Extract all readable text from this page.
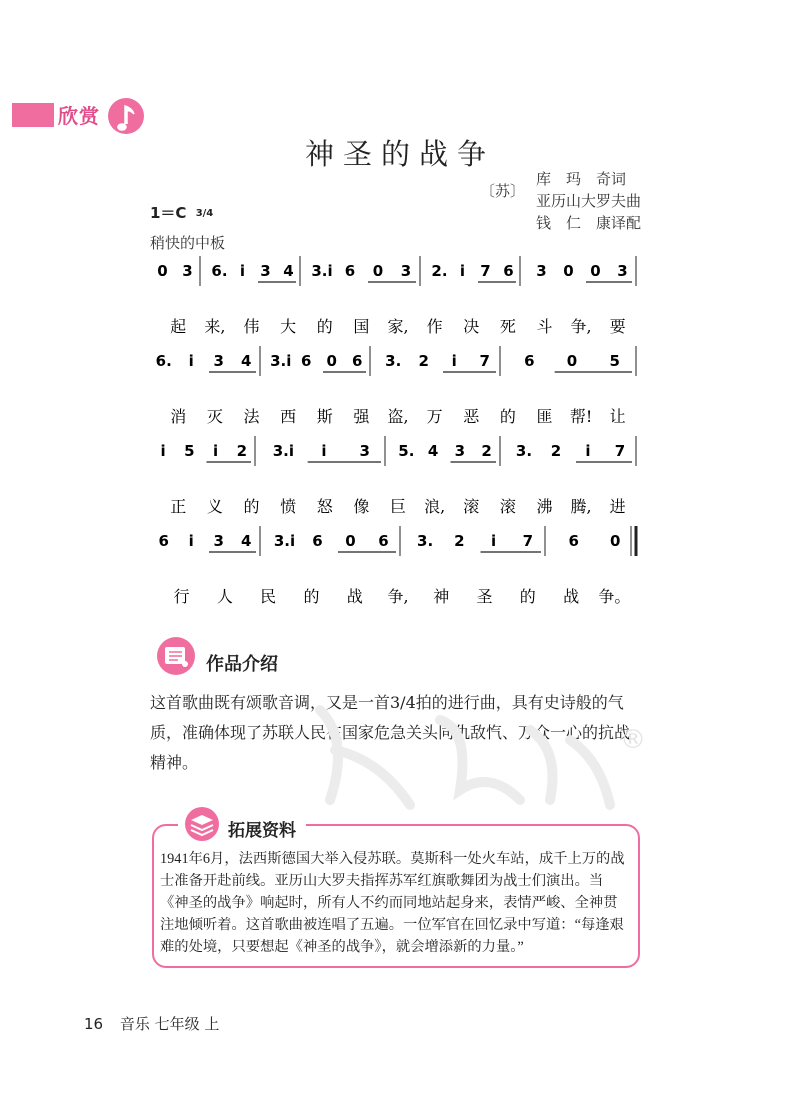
欣赏
神圣的战争
〔苏〕
库　玛　奇词
亚历山大罗夫曲
钱　仁　康译配
1＝C 3/4
稍快的中板
0 3 6. i 3 4 3.i 6 0 3 2. i 7 6 3 0 0 3
起 来, 伟 大 的 国 家, 作 决 死 斗 争, 要
6. i 3 4 3.i 6 0 6 3. 2 i 7 6 0 5
消 灭 法 西 斯 强 盗, 万 恶 的 匪 帮! 让
i 5 i 2 3.i i 3 5. 4 3 2 3. 2 i 7
正 义 的 愤 怒 像 巨 浪, 滚 滚 沸 腾, 进
6 i 3 4 3.i 6 0 6 3. 2 i 7 6 0
行 人 民 的 战 争, 神 圣 的 战 争。
作品介绍
这首歌曲既有颂歌音调，又是一首3/4拍的进行曲，具有史诗般的气质，准确体现了苏联人民在国家危急关头同仇敌忾、万众一心的抗战精神。
®
拓展资料
1941年6月，法西斯德国大举入侵苏联。莫斯科一处火车站，成千上万的战士准备开赴前线。亚历山大罗夫指挥苏军红旗歌舞团为战士们演出。当《神圣的战争》响起时，所有人不约而同地站起身来，表情严峻、全神贯注地倾听着。这首歌曲被连唱了五遍。一位军官在回忆录中写道：“每逢艰难的处境，只要想起《神圣的战争》，就会增添新的力量。”
16 音乐 七年级 上
